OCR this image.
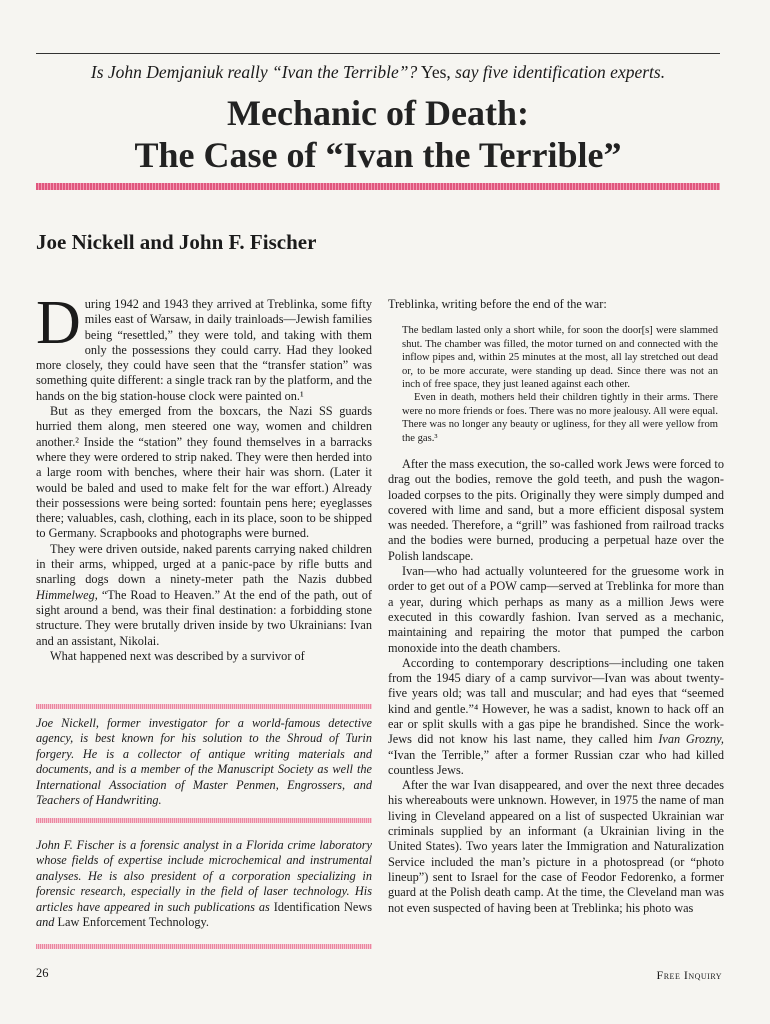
Is John Demjaniuk really “Ivan the Terrible”? Yes, say five identification experts.
Mechanic of Death:
The Case of “Ivan the Terrible”
Joe Nickell and John F. Fischer

During 1942 and 1943 they arrived at Treblinka, some fifty miles east of Warsaw, in daily trainloads—Jewish families being “resettled,” they were told, and taking with them only the possessions they could carry. Had they looked more closely, they could have seen that the “transfer station” was something quite different: a single track ran by the platform, and the hands on the big station-house clock were painted on.¹

But as they emerged from the boxcars, the Nazi SS guards hurried them along, men steered one way, women and children another.² Inside the “station” they found themselves in a barracks where they were ordered to strip naked. They were then herded into a large room with benches, where their hair was shorn. (Later it would be baled and used to make felt for the war effort.) Already their possessions were being sorted: fountain pens here; eyeglasses there; valuables, cash, clothing, each in its place, soon to be shipped to Germany. Scrapbooks and photographs were burned.

They were driven outside, naked parents carrying naked children in their arms, whipped, urged at a panic-pace by rifle butts and snarling dogs down a ninety-meter path the Nazis dubbed Himmelweg, “The Road to Heaven.” At the end of the path, out of sight around a bend, was their final destination: a forbidding stone structure. They were brutally driven inside by two Ukrainians: Ivan and an assistant, Nikolai.

What happened next was described by a survivor of

Joe Nickell, former investigator for a world-famous detective agency, is best known for his solution to the Shroud of Turin forgery. He is a collector of antique writing materials and documents, and is a member of the Manuscript Society as well the International Association of Master Penmen, Engrossers, and Teachers of Handwriting.
John F. Fischer is a forensic analyst in a Florida crime laboratory whose fields of expertise include microchemical and instrumental analyses. He is also president of a corporation specializing in forensic research, especially in the field of laser technology. His articles have appeared in such publications as Identification News and Law Enforcement Technology.

Treblinka, writing before the end of the war:

The bedlam lasted only a short while, for soon the door[s] were slammed shut. The chamber was filled, the motor turned on and connected with the inflow pipes and, within 25 minutes at the most, all lay stretched out dead or, to be more accurate, were standing up dead. Since there was not an inch of free space, they just leaned against each other.

Even in death, mothers held their children tightly in their arms. There were no more friends or foes. There was no more jealousy. All were equal. There was no longer any beauty or ugliness, for they all were yellow from the gas.³

After the mass execution, the so-called work Jews were forced to drag out the bodies, remove the gold teeth, and push the wagon-loaded corpses to the pits. Originally they were simply dumped and covered with lime and sand, but a more efficient disposal system was needed. Therefore, a “grill” was fashioned from railroad tracks and the bodies were burned, producing a perpetual haze over the Polish landscape.

Ivan—who had actually volunteered for the gruesome work in order to get out of a POW camp—served at Treblinka for more than a year, during which perhaps as many as a million Jews were executed in this cowardly fashion. Ivan served as a mechanic, maintaining and repairing the motor that pumped the carbon monoxide into the death chambers.

According to contemporary descriptions—including one taken from the 1945 diary of a camp survivor—Ivan was about twenty-five years old; was tall and muscular; and had eyes that “seemed kind and gentle.”⁴ However, he was a sadist, known to hack off an ear or split skulls with a gas pipe he brandished. Since the work-Jews did not know his last name, they called him Ivan Grozny, “Ivan the Terrible,” after a former Russian czar who had killed countless Jews.

After the war Ivan disappeared, and over the next three decades his whereabouts were unknown. However, in 1975 the name of man living in Cleveland appeared on a list of suspected Ukrainian war criminals supplied by an informant (a Ukrainian living in the United States). Two years later the Immigration and Naturalization Service included the man’s picture in a photospread (or “photo lineup”) sent to Israel for the case of Feodor Fedorenko, a former guard at the Polish death camp. At the time, the Cleveland man was not even suspected of having been at Treblinka; his photo was

26	Free Inquiry
